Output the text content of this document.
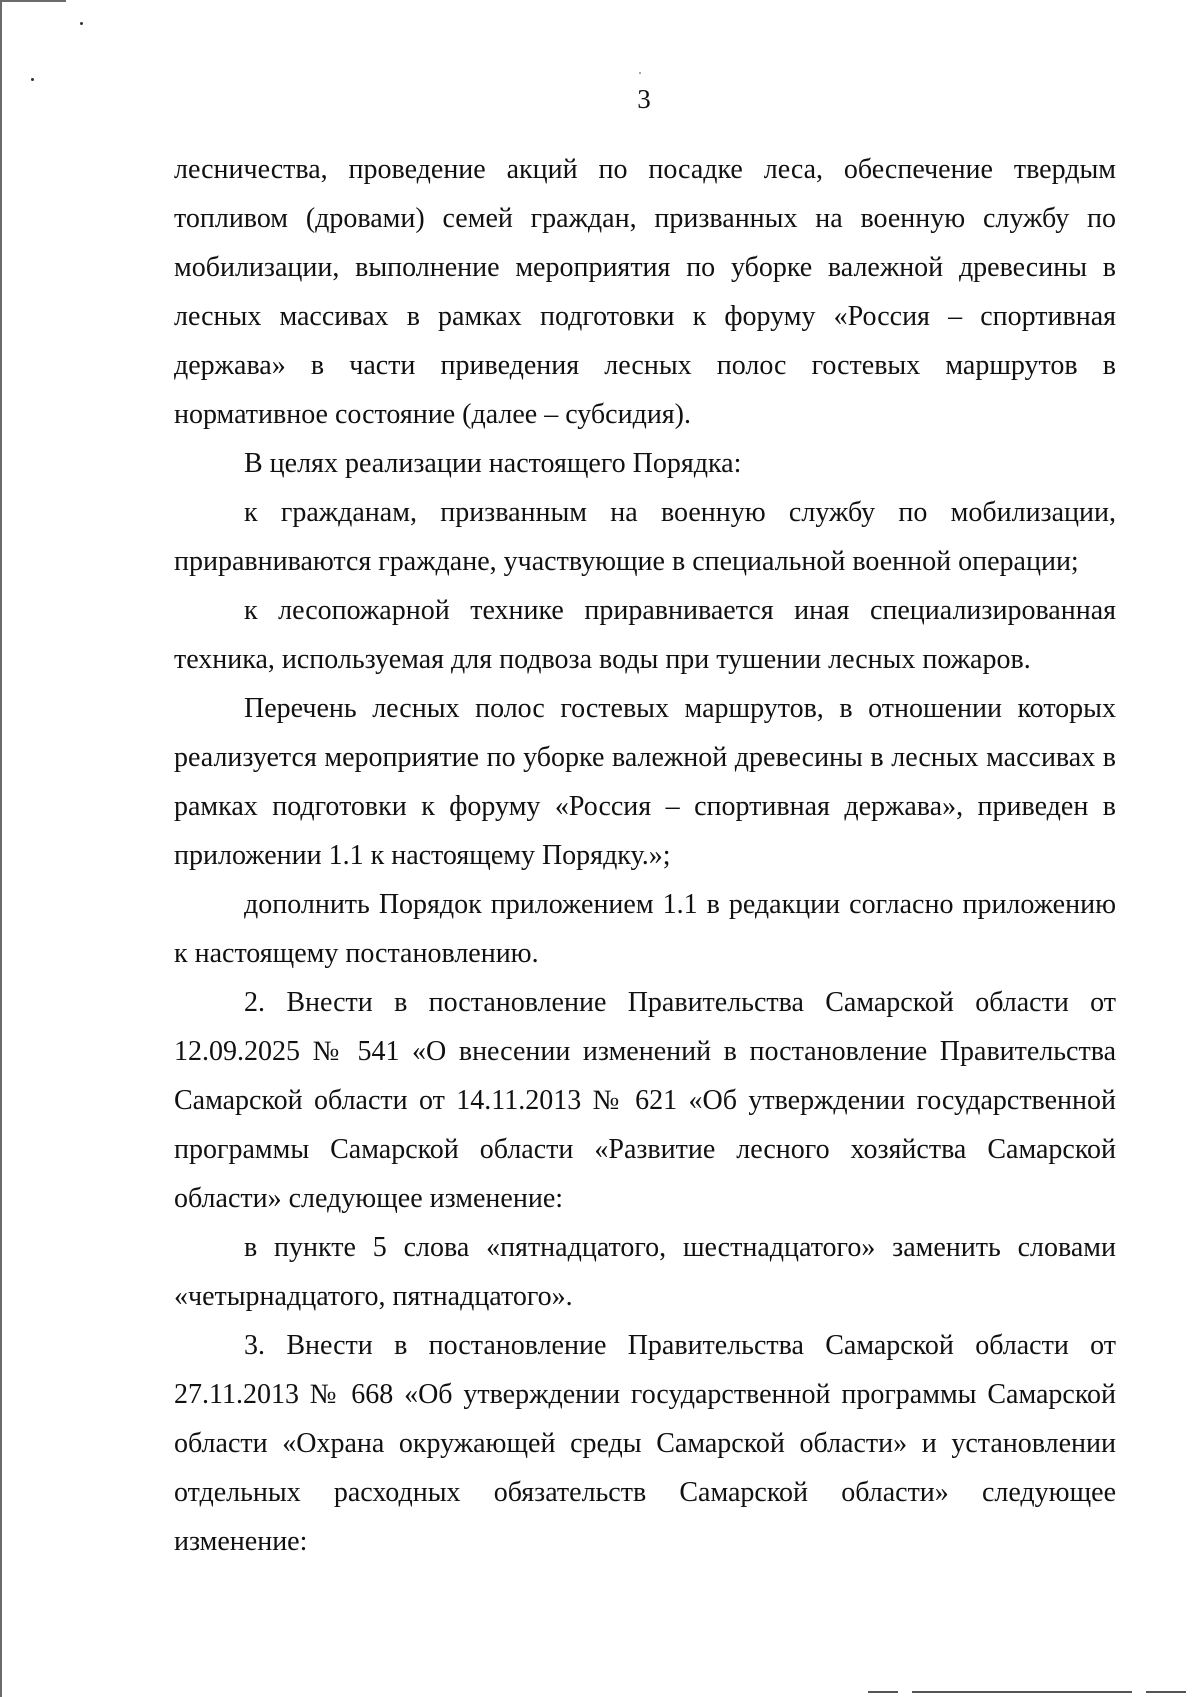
3

лесничества, проведение акций по посадке леса, обеспечение твердым топливом (дровами) семей граждан, призванных на военную службу по мобилизации, выполнение мероприятия по уборке валежной древесины в лесных массивах в рамках подготовки к форуму «Россия – спортивная держава» в части приведения лесных полос гостевых маршрутов в нормативное состояние (далее – субсидия).

В целях реализации настоящего Порядка:

к гражданам, призванным на военную службу по мобилизации, приравниваются граждане, участвующие в специальной военной операции;

к лесопожарной технике приравнивается иная специализированная техника, используемая для подвоза воды при тушении лесных пожаров.

Перечень лесных полос гостевых маршрутов, в отношении которых реализуется мероприятие по уборке валежной древесины в лесных массивах в рамках подготовки к форуму «Россия – спортивная держава», приведен в приложении 1.1 к настоящему Порядку.»;

дополнить Порядок приложением 1.1 в редакции согласно приложению к настоящему постановлению.

2. Внести в постановление Правительства Самарской области от 12.09.2025 № 541 «О внесении изменений в постановление Правительства Самарской области от 14.11.2013 № 621 «Об утверждении государственной программы Самарской области «Развитие лесного хозяйства Самарской области» следующее изменение:

в пункте 5 слова «пятнадцатого, шестнадцатого» заменить словами «четырнадцатого, пятнадцатого».

3. Внести в постановление Правительства Самарской области от 27.11.2013 № 668 «Об утверждении государственной программы Самарской области «Охрана окружающей среды Самарской области» и установлении отдельных расходных обязательств Самарской области» следующее изменение:
